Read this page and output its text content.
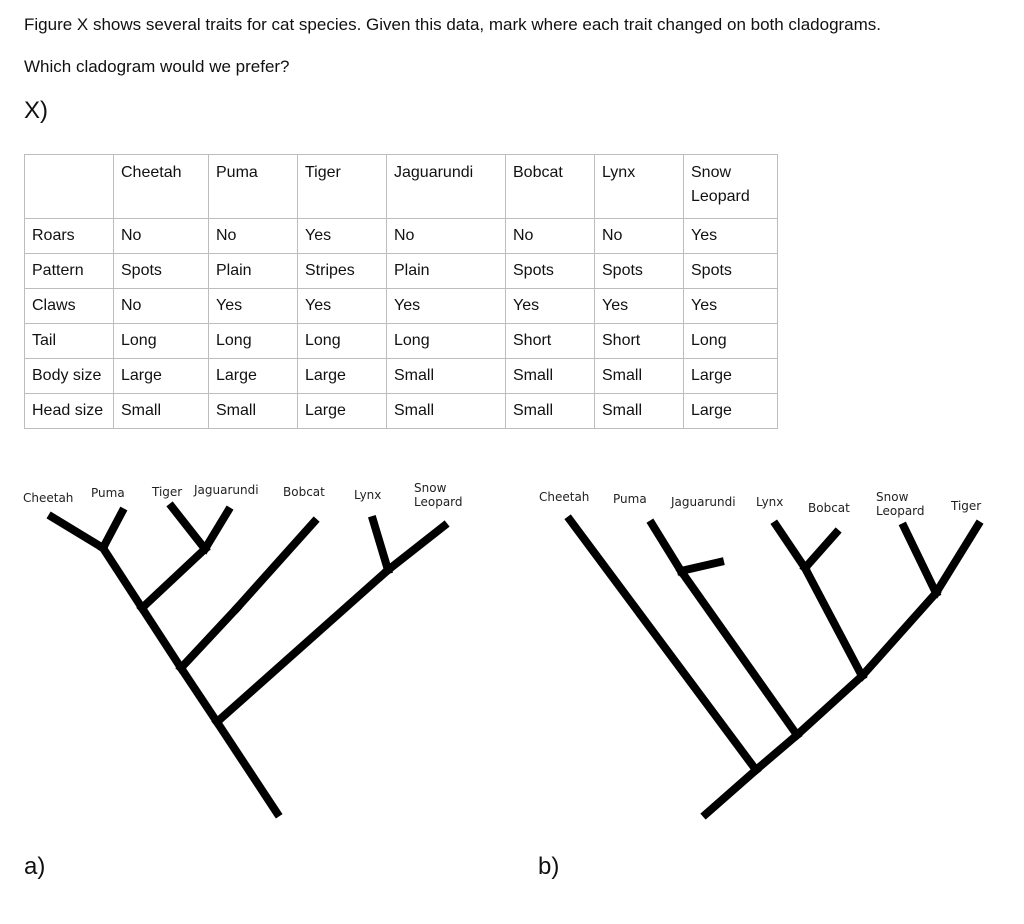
Figure X shows several traits for cat species. Given this data, mark where each trait changed on both cladograms.
Which cladogram would we prefer?
X)
	Cheetah	Puma	Tiger	Jaguarundi	Bobcat	Lynx	Snow Leopard
Roars	No	No	Yes	No	No	No	Yes
Pattern	Spots	Plain	Stripes	Plain	Spots	Spots	Spots
Claws	No	Yes	Yes	Yes	Yes	Yes	Yes
Tail	Long	Long	Long	Long	Short	Short	Long
Body size	Large	Large	Large	Small	Small	Small	Large
Head size	Small	Small	Large	Small	Small	Small	Large
Cheetah Puma Tiger Jaguarundi Bobcat Lynx	Snow
Leopard	Cheetah Puma Jaguarundi Lynx Bobcat
Snow
Leopard Tiger
a)	b)
